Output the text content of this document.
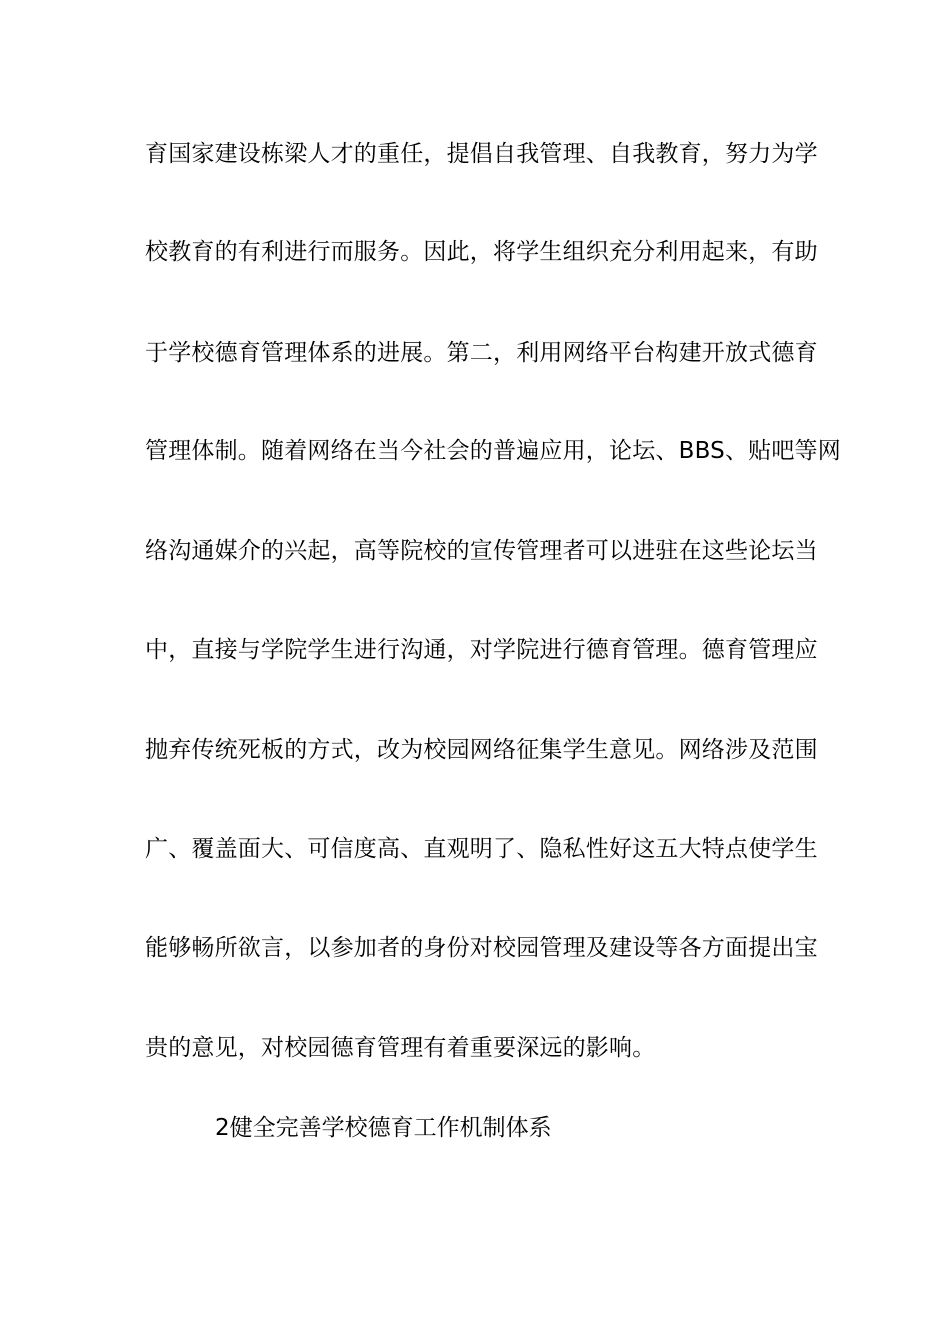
育国家建设栋梁人才的重任，提倡自我管理、自我教育，努力为学
校教育的有利进行而服务。因此，将学生组织充分利用起来，有助
于学校德育管理体系的进展。第二，利用网络平台构建开放式德育
管理体制。随着网络在当今社会的普遍应用，论坛、BBS、贴吧等网
络沟通媒介的兴起，高等院校的宣传管理者可以进驻在这些论坛当
中，直接与学院学生进行沟通，对学院进行德育管理。德育管理应
抛弃传统死板的方式，改为校园网络征集学生意见。网络涉及范围
广、覆盖面大、可信度高、直观明了、隐私性好这五大特点使学生
能够畅所欲言，以参加者的身份对校园管理及建设等各方面提出宝
贵的意见，对校园德育管理有着重要深远的影响。
2健全完善学校德育工作机制体系
